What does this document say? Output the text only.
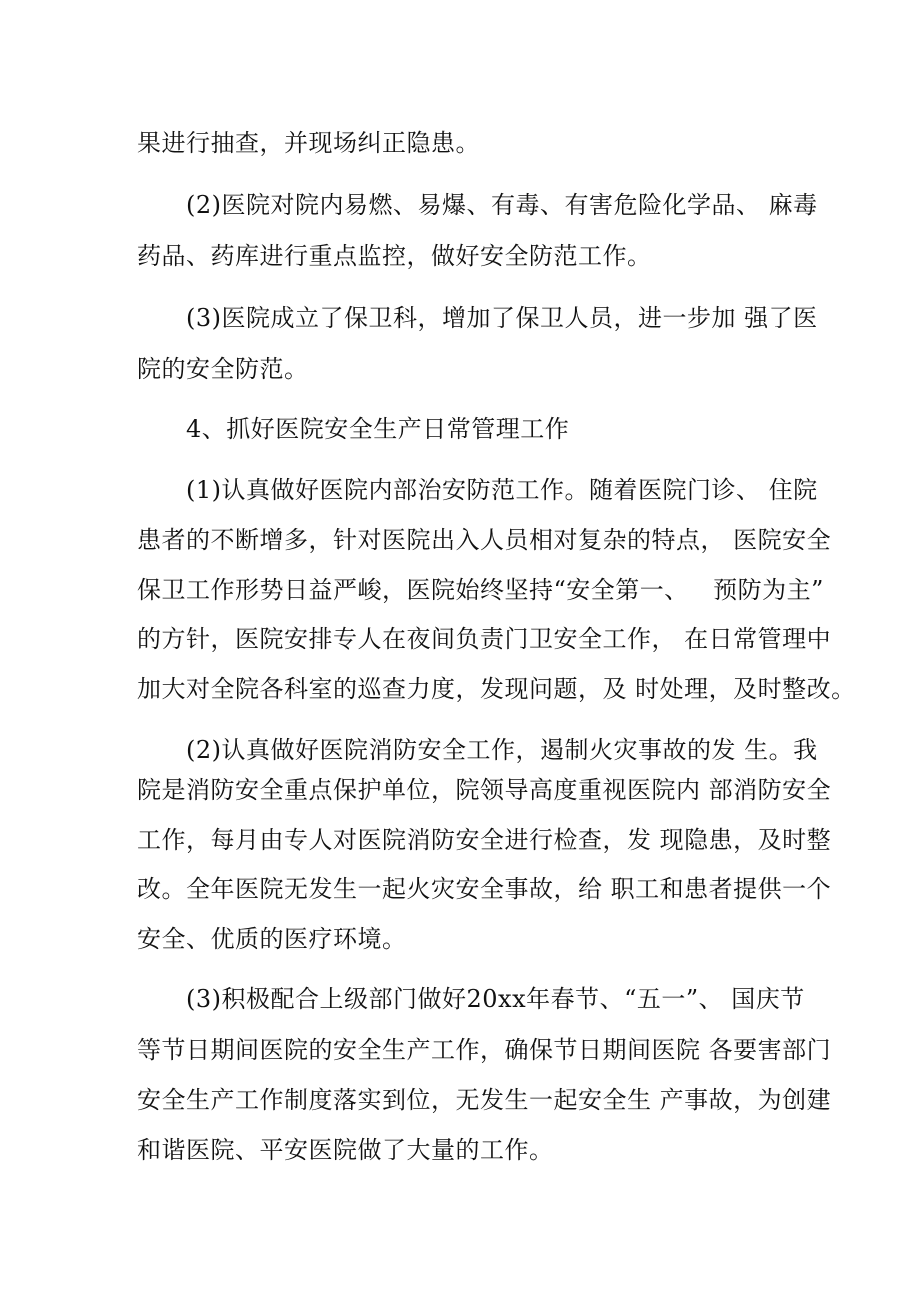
果进行抽查，并现场纠正隐患。
(2)医院对院内易燃、易爆、有毒、有害危险化学品、 麻毒
药品、药库进行重点监控，做好安全防范工作。
(3)医院成立了保卫科，增加了保卫人员，进一步加 强了医
院的安全防范。
4、抓好医院安全生产日常管理工作
(1)认真做好医院内部治安防范工作。随着医院门诊、 住院
患者的不断增多，针对医院出入人员相对复杂的特点， 医院安全
保卫工作形势日益严峻，医院始终坚持“安全第一、   预防为主”
的方针，医院安排专人在夜间负责门卫安全工作， 在日常管理中
加大对全院各科室的巡查力度，发现问题，及 时处理，及时整改。
(2)认真做好医院消防安全工作，遏制火灾事故的发 生。我
院是消防安全重点保护单位，院领导高度重视医院内 部消防安全
工作，每月由专人对医院消防安全进行检查，发 现隐患，及时整
改。全年医院无发生一起火灾安全事故，给 职工和患者提供一个
安全、优质的医疗环境。
(3)积极配合上级部门做好20xx年春节、“五一”、 国庆节
等节日期间医院的安全生产工作，确保节日期间医院 各要害部门
安全生产工作制度落实到位，无发生一起安全生 产事故，为创建
和谐医院、平安医院做了大量的工作。
